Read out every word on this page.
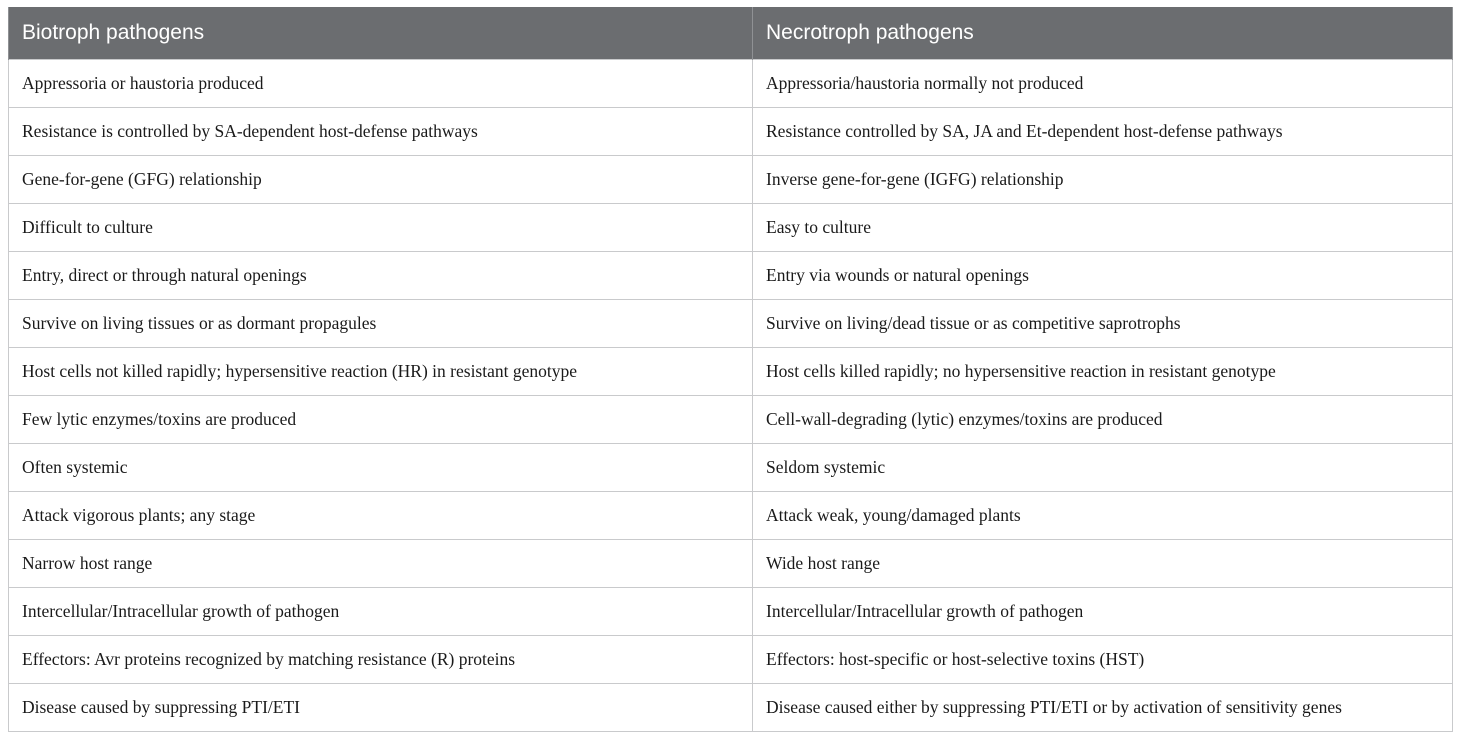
Biotroph pathogens	Necrotroph pathogens
Appressoria or haustoria produced	Appressoria/haustoria normally not produced
Resistance is controlled by SA-dependent host-defense pathways	Resistance controlled by SA, JA and Et-dependent host-defense pathways
Gene-for-gene (GFG) relationship	Inverse gene-for-gene (IGFG) relationship
Difficult to culture	Easy to culture
Entry, direct or through natural openings	Entry via wounds or natural openings
Survive on living tissues or as dormant propagules	Survive on living/dead tissue or as competitive saprotrophs
Host cells not killed rapidly; hypersensitive reaction (HR) in resistant genotype	Host cells killed rapidly; no hypersensitive reaction in resistant genotype
Few lytic enzymes/toxins are produced	Cell-wall-degrading (lytic) enzymes/toxins are produced
Often systemic	Seldom systemic
Attack vigorous plants; any stage	Attack weak, young/damaged plants
Narrow host range	Wide host range
Intercellular/Intracellular growth of pathogen	Intercellular/Intracellular growth of pathogen
Effectors: Avr proteins recognized by matching resistance (R) proteins	Effectors: host-specific or host-selective toxins (HST)
Disease caused by suppressing PTI/ETI	Disease caused either by suppressing PTI/ETI or by activation of sensitivity genes
